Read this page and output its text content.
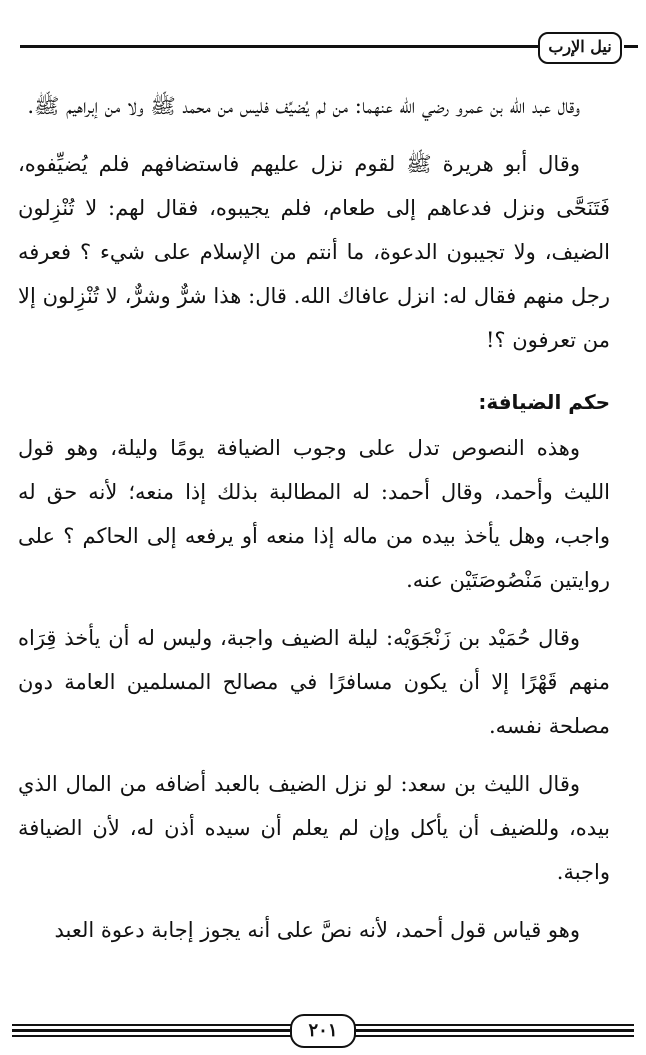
نيل الإرب

وقال عبد الله بن عمرو رضي الله عنهما: من لم يُضيِّف فليس من محمد ﷺ ولا من إبراهيم ﷺ.

وقال أبو هريرة ﷺ لقوم نزل عليهم فاستضافهم فلم يُضيِّفوه، فَتَنَحَّى ونزل فدعاهم إلى طعام، فلم يجيبوه، فقال لهم: لا تُنْزِلون الضيف، ولا تجيبون الدعوة، ما أنتم من الإسلام على شيء ؟ فعرفه رجل منهم فقال له: انزل عافاك الله. قال: هذا شرٌّ وشرٌّ، لا تُنْزِلون إلا من تعرفون ؟!

حكم الضيافة:

وهذه النصوص تدل على وجوب الضيافة يومًا وليلة، وهو قول الليث وأحمد، وقال أحمد: له المطالبة بذلك إذا منعه؛ لأنه حق له واجب، وهل يأخذ بيده من ماله إذا منعه أو يرفعه إلى الحاكم ؟ على روايتين مَنْصُوصَتَيْن عنه.

وقال حُمَيْد بن زَنْجَوَيْه: ليلة الضيف واجبة، وليس له أن يأخذ قِرَاه منهم قَهْرًا إلا أن يكون مسافرًا في مصالح المسلمين العامة دون مصلحة نفسه.

وقال الليث بن سعد: لو نزل الضيف بالعبد أضافه من المال الذي بيده، وللضيف أن يأكل وإن لم يعلم أن سيده أذن له، لأن الضيافة واجبة.

وهو قياس قول أحمد، لأنه نصَّ على أنه يجوز إجابة دعوة العبد

٢٠١
